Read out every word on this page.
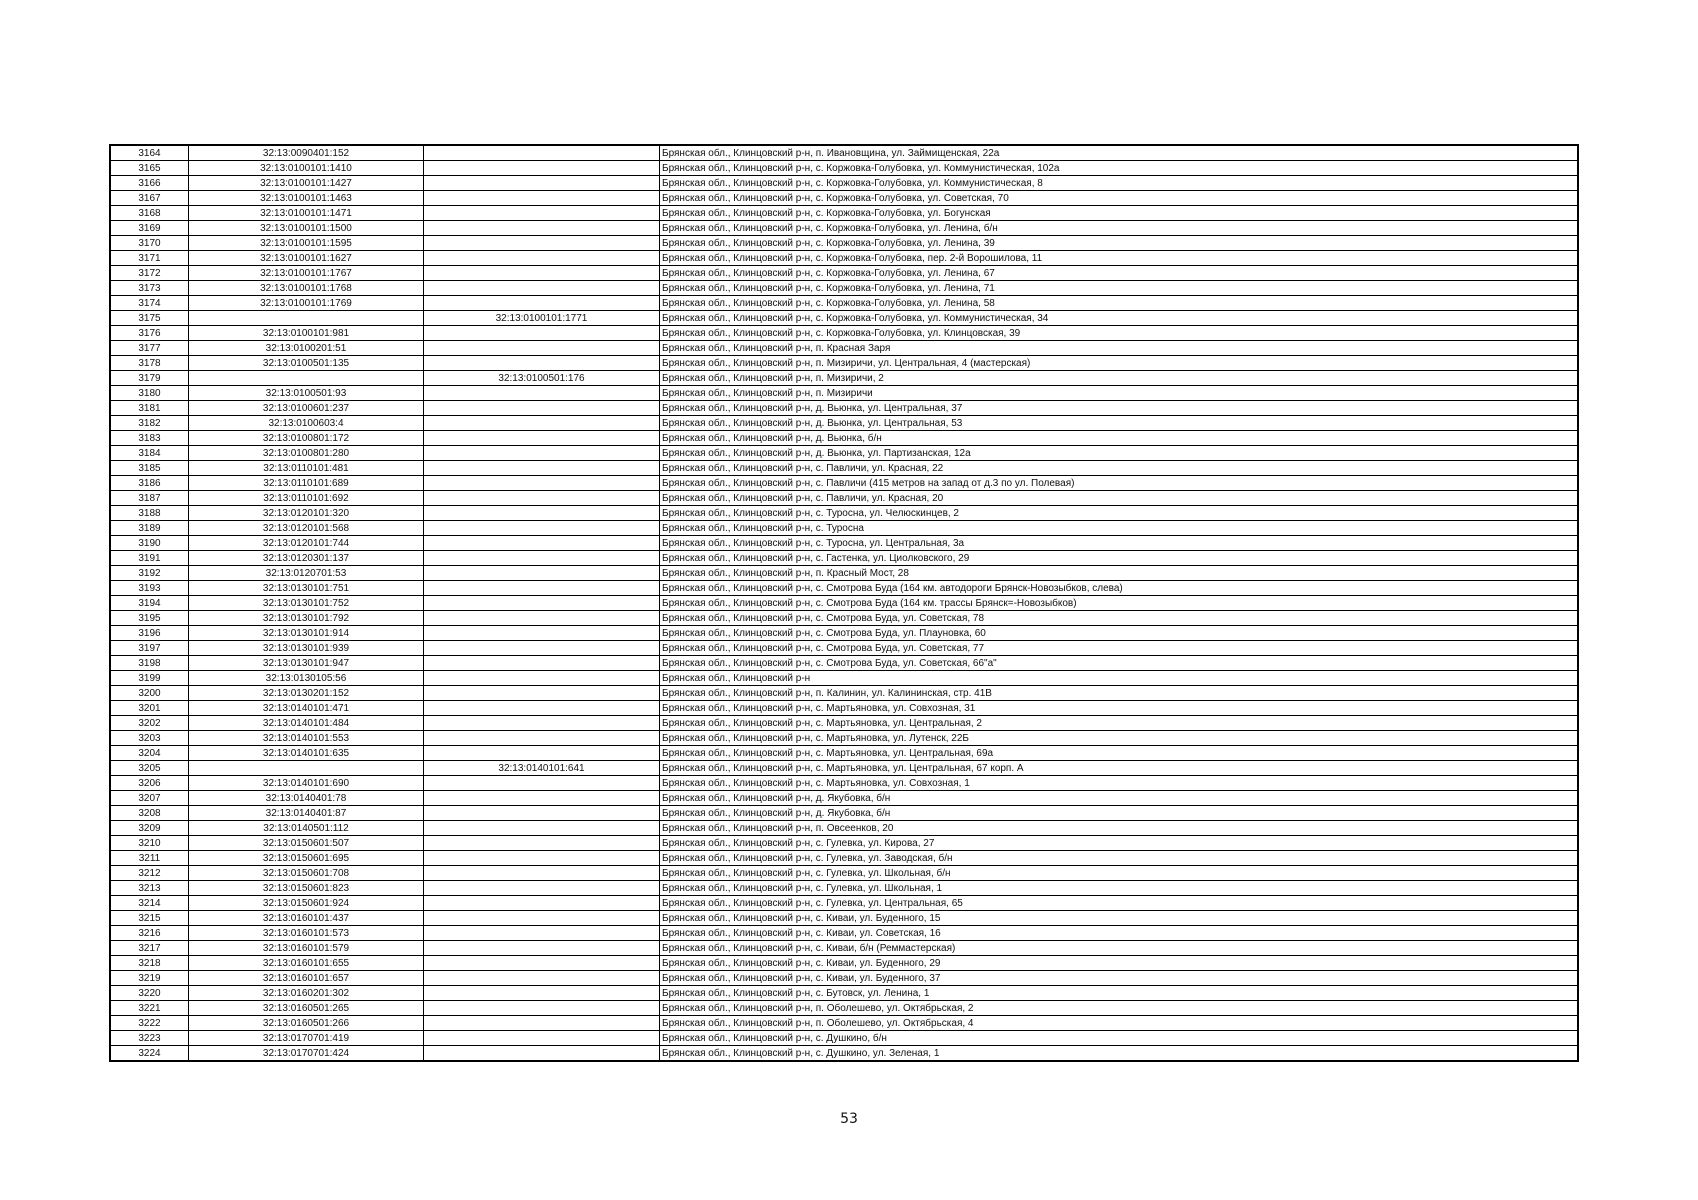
3164	32:13:0090401:152		Брянская обл., Клинцовский р-н, п. Ивановщина, ул. Займищенская, 22а
3165	32:13:0100101:1410		Брянская обл., Клинцовский р-н, с. Коржовка-Голубовка, ул. Коммунистическая, 102а
3166	32:13:0100101:1427		Брянская обл., Клинцовский р-н, с. Коржовка-Голубовка, ул. Коммунистическая, 8
3167	32:13:0100101:1463		Брянская обл., Клинцовский р-н, с. Коржовка-Голубовка, ул. Советская, 70
3168	32:13:0100101:1471		Брянская обл., Клинцовский р-н, с. Коржовка-Голубовка, ул. Богунская
3169	32:13:0100101:1500		Брянская обл., Клинцовский р-н, с. Коржовка-Голубовка, ул. Ленина, б/н
3170	32:13:0100101:1595		Брянская обл., Клинцовский р-н, с. Коржовка-Голубовка, ул. Ленина, 39
3171	32:13:0100101:1627		Брянская обл., Клинцовский р-н, с. Коржовка-Голубовка, пер. 2-й Ворошилова, 11
3172	32:13:0100101:1767		Брянская обл., Клинцовский р-н, с. Коржовка-Голубовка, ул. Ленина, 67
3173	32:13:0100101:1768		Брянская обл., Клинцовский р-н, с. Коржовка-Голубовка, ул. Ленина, 71
3174	32:13:0100101:1769		Брянская обл., Клинцовский р-н, с. Коржовка-Голубовка, ул. Ленина, 58
3175		32:13:0100101:1771	Брянская обл., Клинцовский р-н, с. Коржовка-Голубовка, ул. Коммунистическая, 34
3176	32:13:0100101:981		Брянская обл., Клинцовский р-н, с. Коржовка-Голубовка, ул. Клинцовская, 39
3177	32:13:0100201:51		Брянская обл., Клинцовский р-н, п. Красная Заря
3178	32:13:0100501:135		Брянская обл., Клинцовский р-н, п. Мизиричи, ул. Центральная, 4 (мастерская)
3179		32:13:0100501:176	Брянская обл., Клинцовский р-н, п. Мизиричи, 2
3180	32:13:0100501:93		Брянская обл., Клинцовский р-н, п. Мизиричи
3181	32:13:0100601:237		Брянская обл., Клинцовский р-н, д. Вьюнка, ул. Центральная, 37
3182	32:13:0100603:4		Брянская обл., Клинцовский р-н, д. Вьюнка, ул. Центральная, 53
3183	32:13:0100801:172		Брянская обл., Клинцовский р-н, д. Вьюнка, б/н
3184	32:13:0100801:280		Брянская обл., Клинцовский р-н, д. Вьюнка, ул. Партизанская, 12а
3185	32:13:0110101:481		Брянская обл., Клинцовский р-н, с. Павличи, ул. Красная, 22
3186	32:13:0110101:689		Брянская обл., Клинцовский р-н, с. Павличи (415 метров на запад от д.3 по ул. Полевая)
3187	32:13:0110101:692		Брянская обл., Клинцовский р-н, с. Павличи, ул. Красная, 20
3188	32:13:0120101:320		Брянская обл., Клинцовский р-н, с. Туросна, ул. Челюскинцев, 2
3189	32:13:0120101:568		Брянская обл., Клинцовский р-н, с. Туросна
3190	32:13:0120101:744		Брянская обл., Клинцовский р-н, с. Туросна, ул. Центральная, 3а
3191	32:13:0120301:137		Брянская обл., Клинцовский р-н, с. Гастенка, ул. Циолковского, 29
3192	32:13:0120701:53		Брянская обл., Клинцовский р-н, п. Красный Мост, 28
3193	32:13:0130101:751		Брянская обл., Клинцовский р-н, с. Смотрова Буда (164 км. автодороги Брянск-Новозыбков, слева)
3194	32:13:0130101:752		Брянская обл., Клинцовский р-н, с. Смотрова Буда (164 км. трассы Брянск=-Новозыбков)
3195	32:13:0130101:792		Брянская обл., Клинцовский р-н, с. Смотрова Буда, ул. Советская, 78
3196	32:13:0130101:914		Брянская обл., Клинцовский р-н, с. Смотрова Буда, ул. Плауновка, 60
3197	32:13:0130101:939		Брянская обл., Клинцовский р-н, с. Смотрова Буда, ул. Советская, 77
3198	32:13:0130101:947		Брянская обл., Клинцовский р-н, с. Смотрова Буда, ул. Советская, 66"а"
3199	32:13:0130105:56		Брянская обл., Клинцовский р-н
3200	32:13:0130201:152		Брянская обл., Клинцовский р-н, п. Калинин, ул. Калининская, стр. 41В
3201	32:13:0140101:471		Брянская обл., Клинцовский р-н, с. Мартьяновка, ул. Совхозная, 31
3202	32:13:0140101:484		Брянская обл., Клинцовский р-н, с. Мартьяновка, ул. Центральная, 2
3203	32:13:0140101:553		Брянская обл., Клинцовский р-н, с. Мартьяновка, ул. Лутенск, 22Б
3204	32:13:0140101:635		Брянская обл., Клинцовский р-н, с. Мартьяновка, ул. Центральная, 69а
3205		32:13:0140101:641	Брянская обл., Клинцовский р-н, с. Мартьяновка, ул. Центральная, 67 корп. А
3206	32:13:0140101:690		Брянская обл., Клинцовский р-н, с. Мартьяновка, ул. Совхозная, 1
3207	32:13:0140401:78		Брянская обл., Клинцовский р-н, д. Якубовка, б/н
3208	32:13:0140401:87		Брянская обл., Клинцовский р-н, д. Якубовка, б/н
3209	32:13:0140501:112		Брянская обл., Клинцовский р-н, п. Овсеенков, 20
3210	32:13:0150601:507		Брянская обл., Клинцовский р-н, с. Гулевка, ул. Кирова, 27
3211	32:13:0150601:695		Брянская обл., Клинцовский р-н, с. Гулевка, ул. Заводская, б/н
3212	32:13:0150601:708		Брянская обл., Клинцовский р-н, с. Гулевка, ул. Школьная, б/н
3213	32:13:0150601:823		Брянская обл., Клинцовский р-н, с. Гулевка, ул. Школьная, 1
3214	32:13:0150601:924		Брянская обл., Клинцовский р-н, с. Гулевка, ул. Центральная, 65
3215	32:13:0160101:437		Брянская обл., Клинцовский р-н, с. Киваи, ул. Буденного, 15
3216	32:13:0160101:573		Брянская обл., Клинцовский р-н, с. Киваи, ул. Советская, 16
3217	32:13:0160101:579		Брянская обл., Клинцовский р-н, с. Киваи, б/н (Реммастерская)
3218	32:13:0160101:655		Брянская обл., Клинцовский р-н, с. Киваи, ул. Буденного, 29
3219	32:13:0160101:657		Брянская обл., Клинцовский р-н, с. Киваи, ул. Буденного, 37
3220	32:13:0160201:302		Брянская обл., Клинцовский р-н, с. Бутовск, ул. Ленина, 1
3221	32:13:0160501:265		Брянская обл., Клинцовский р-н, п. Оболешево, ул. Октябрьская, 2
3222	32:13:0160501:266		Брянская обл., Клинцовский р-н, п. Оболешево, ул. Октябрьская, 4
3223	32:13:0170701:419		Брянская обл., Клинцовский р-н, с. Душкино, б/н
3224	32:13:0170701:424		Брянская обл., Клинцовский р-н, с. Душкино, ул. Зеленая, 1
53
